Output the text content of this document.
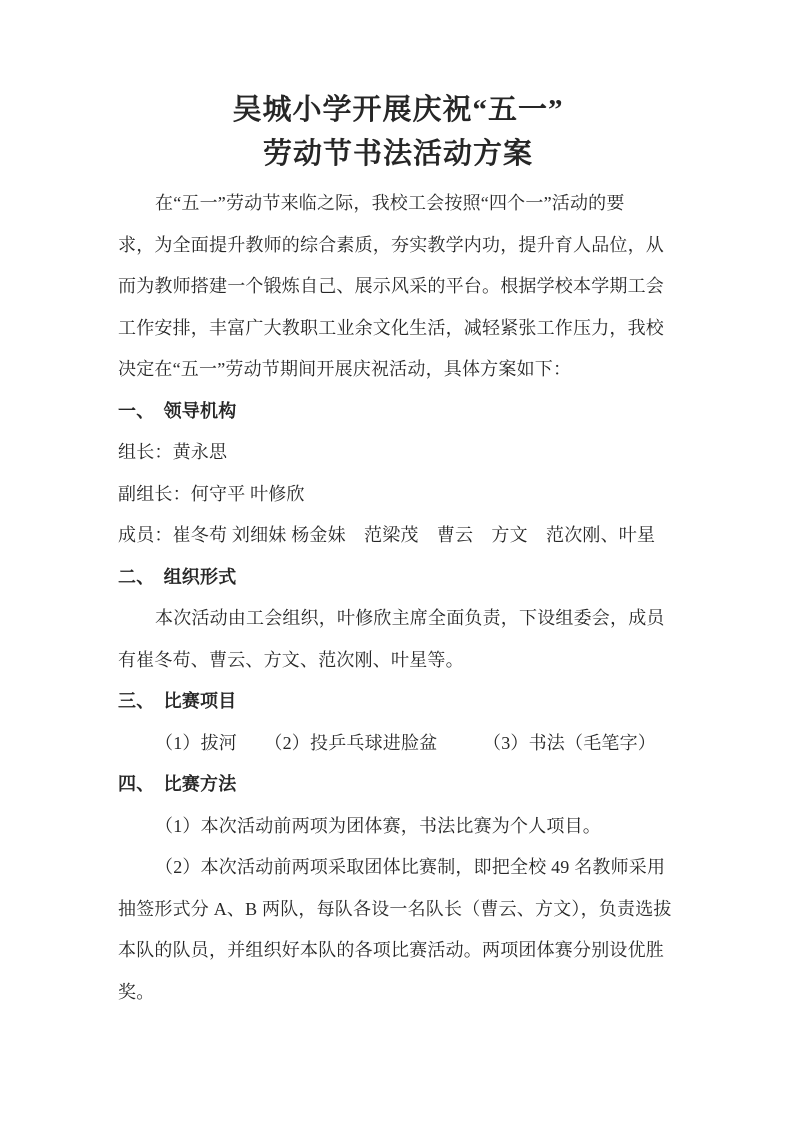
吴城小学开展庆祝“五一”
劳动节书法活动方案
在“五一”劳动节来临之际，我校工会按照“四个一”活动的要
求，为全面提升教师的综合素质，夯实教学内功，提升育人品位，从
而为教师搭建一个锻炼自己、展示风采的平台。根据学校本学期工会
工作安排，丰富广大教职工业余文化生活，减轻紧张工作压力，我校
决定在“五一”劳动节期间开展庆祝活动，具体方案如下：
一、　领导机构
组长：黄永思
副组长：何守平 叶修欣
成员：崔冬苟 刘细妹 杨金妹　范梁茂　曹云　方文　范次刚、叶星
二、　组织形式
本次活动由工会组织，叶修欣主席全面负责，下设组委会，成员
有崔冬苟、曹云、方文、范次刚、叶星等。
三、　比赛项目
（1）拔河　　（2）投乒乓球进脸盆　　　（3）书法（毛笔字）
四、　比赛方法
（1）本次活动前两项为团体赛，书法比赛为个人项目。
（2）本次活动前两项采取团体比赛制，即把全校 49 名教师采用
抽签形式分 A、B 两队，每队各设一名队长（曹云、方文），负责选拔
本队的队员，并组织好本队的各项比赛活动。两项团体赛分别设优胜
奖。
